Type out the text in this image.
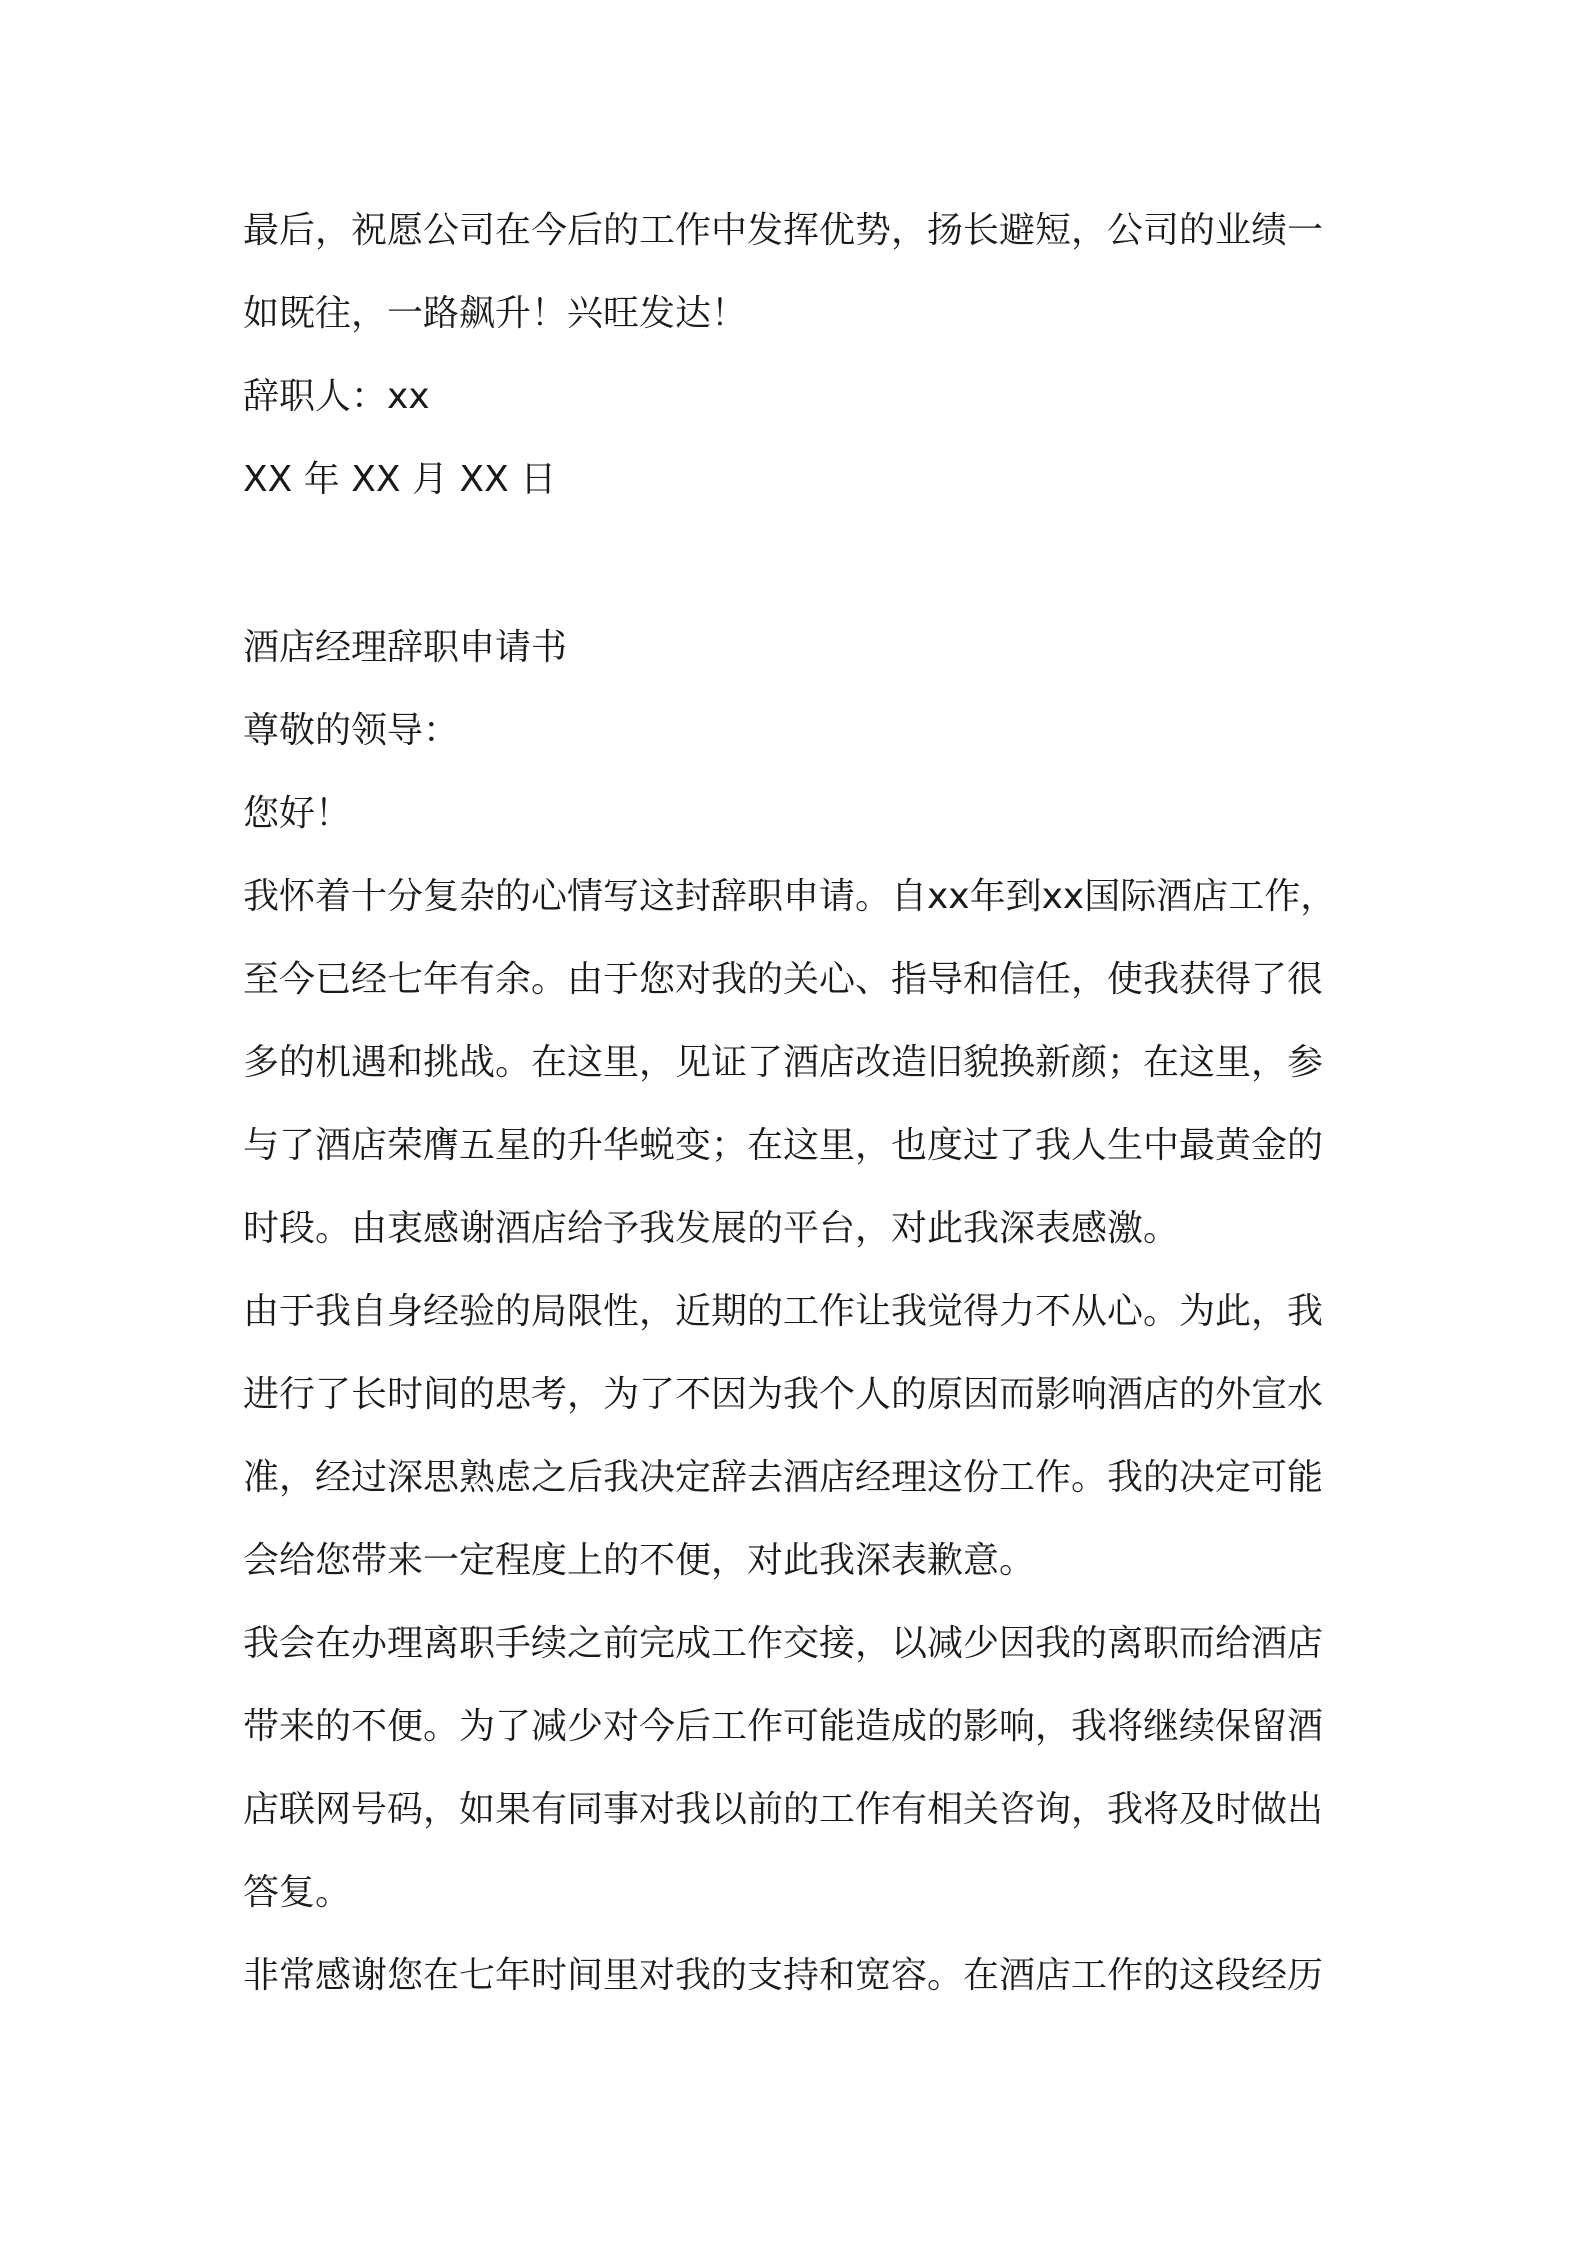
最后，祝愿公司在今后的工作中发挥优势，扬长避短，公司的业绩一
如既往，一路飙升！兴旺发达！
辞职人：xx
XX 年 XX 月 XX 日
酒店经理辞职申请书
尊敬的领导：
您好！
我怀着十分复杂的心情写这封辞职申请。自xx年到xx国际酒店工作，
至今已经七年有余。由于您对我的关心、指导和信任，使我获得了很
多的机遇和挑战。在这里，见证了酒店改造旧貌换新颜；在这里，参
与了酒店荣膺五星的升华蜕变；在这里，也度过了我人生中最黄金的
时段。由衷感谢酒店给予我发展的平台，对此我深表感激。
由于我自身经验的局限性，近期的工作让我觉得力不从心。为此，我
进行了长时间的思考，为了不因为我个人的原因而影响酒店的外宣水
准，经过深思熟虑之后我决定辞去酒店经理这份工作。我的决定可能
会给您带来一定程度上的不便，对此我深表歉意。
我会在办理离职手续之前完成工作交接，以减少因我的离职而给酒店
带来的不便。为了减少对今后工作可能造成的影响，我将继续保留酒
店联网号码，如果有同事对我以前的工作有相关咨询，我将及时做出
答复。
非常感谢您在七年时间里对我的支持和宽容。在酒店工作的这段经历
